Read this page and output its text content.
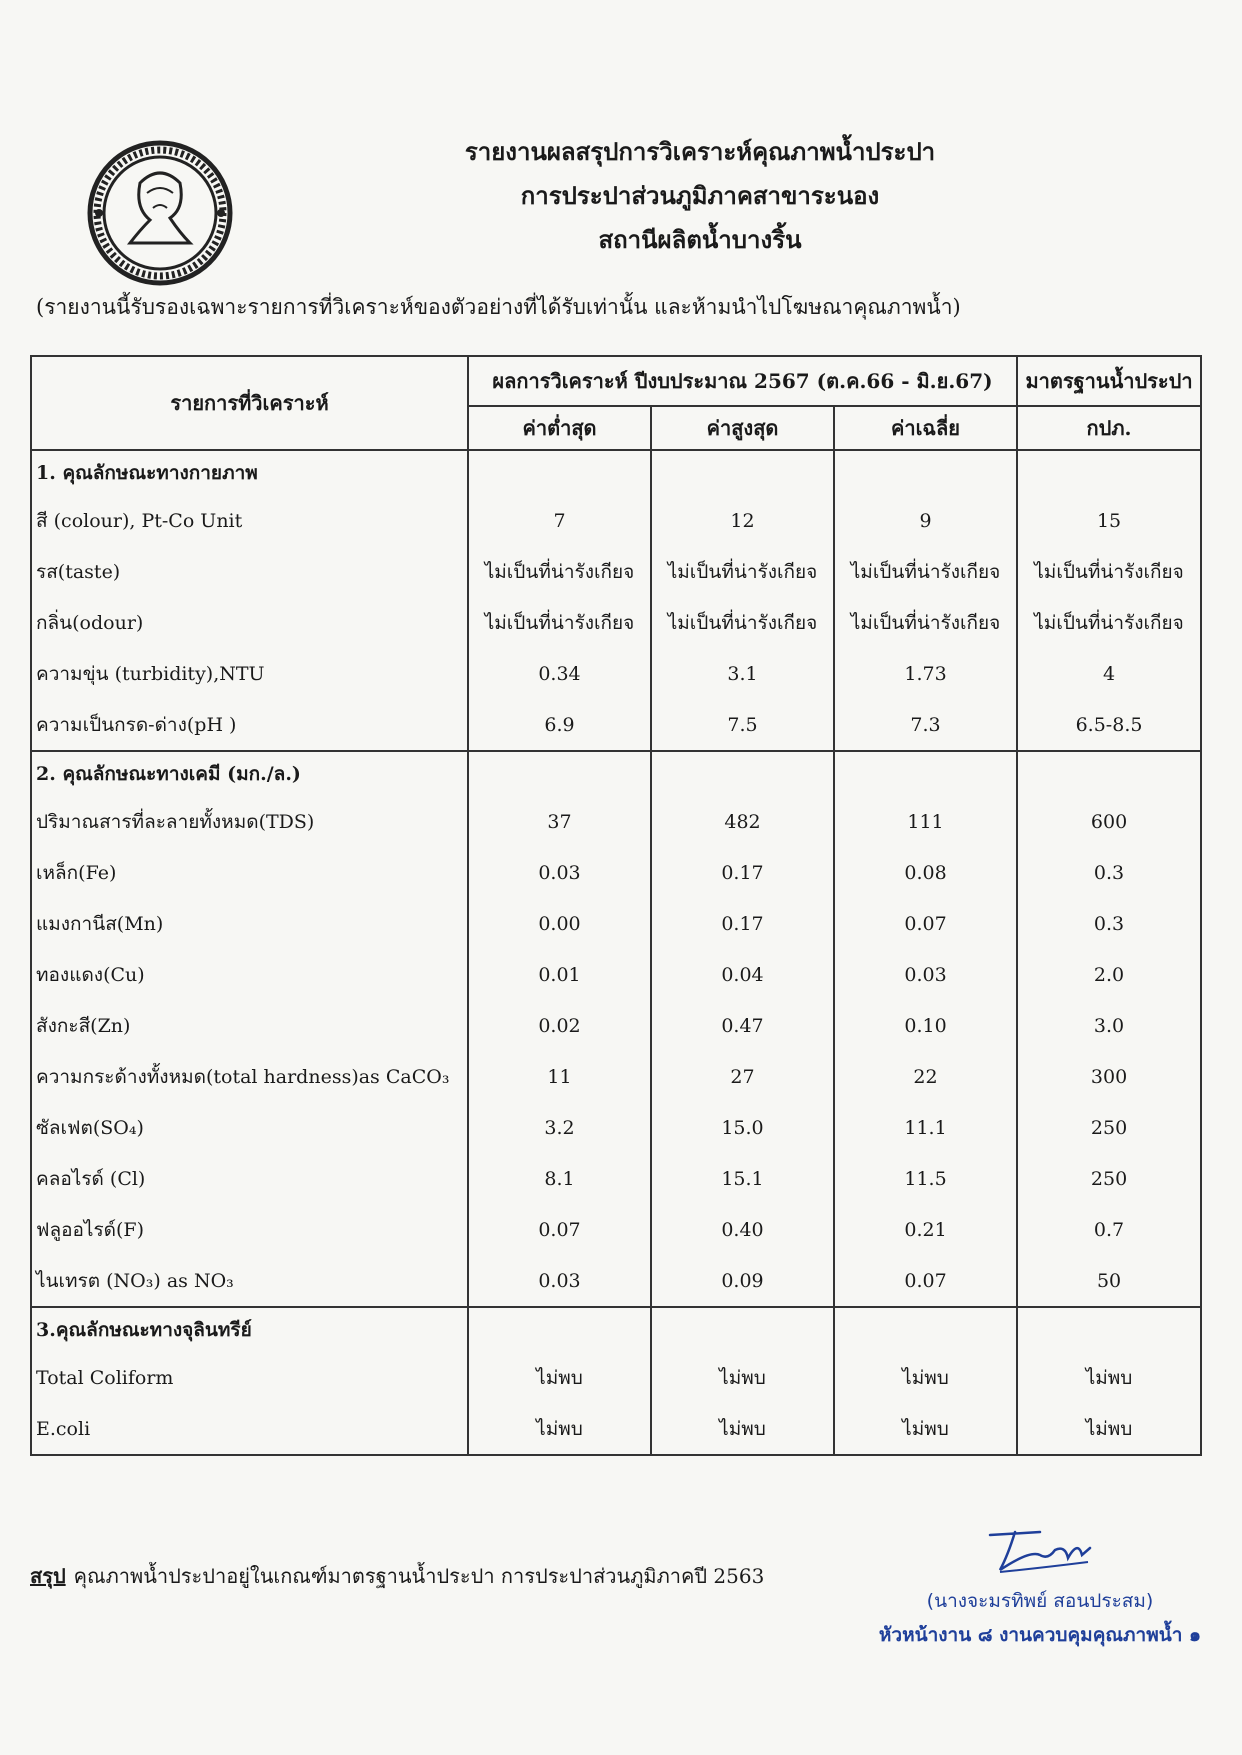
รายงานผลสรุปการวิเคราะห์คุณภาพน้ำประปา
การประปาส่วนภูมิภาคสาขาระนอง
สถานีผลิตน้ำบางริ้น
(รายงานนี้รับรองเฉพาะรายการที่วิเคราะห์ของตัวอย่างที่ได้รับเท่านั้น และห้ามนำไปโฆษณาคุณภาพน้ำ)
รายการที่วิเคราะห์	ผลการวิเคราะห์ ปีงบประมาณ 2567 (ต.ค.66 - มิ.ย.67)			มาตรฐานน้ำประปา
	ค่าต่ำสุด	ค่าสูงสุด	ค่าเฉลี่ย	กปภ.
1. คุณลักษณะทางกายภาพ				
สี (colour), Pt-Co Unit	7	12	9	15
รส(taste)	ไม่เป็นที่น่ารังเกียจ	ไม่เป็นที่น่ารังเกียจ	ไม่เป็นที่น่ารังเกียจ	ไม่เป็นที่น่ารังเกียจ
กลิ่น(odour)	ไม่เป็นที่น่ารังเกียจ	ไม่เป็นที่น่ารังเกียจ	ไม่เป็นที่น่ารังเกียจ	ไม่เป็นที่น่ารังเกียจ
ความขุ่น (turbidity),NTU	0.34	3.1	1.73	4
ความเป็นกรด-ด่าง(pH )	6.9	7.5	7.3	6.5-8.5
2. คุณลักษณะทางเคมี (มก./ล.)				
ปริมาณสารที่ละลายทั้งหมด(TDS)	37	482	111	600
เหล็ก(Fe)	0.03	0.17	0.08	0.3
แมงกานีส(Mn)	0.00	0.17	0.07	0.3
ทองแดง(Cu)	0.01	0.04	0.03	2.0
สังกะสี(Zn)	0.02	0.47	0.10	3.0
ความกระด้างทั้งหมด(total hardness)as CaCO₃	11	27	22	300
ซัลเฟต(SO₄)	3.2	15.0	11.1	250
คลอไรด์ (Cl)	8.1	15.1	11.5	250
ฟลูออไรด์(F)	0.07	0.40	0.21	0.7
ไนเทรต (NO₃) as NO₃	0.03	0.09	0.07	50
3.คุณลักษณะทางจุลินทรีย์				
Total Coliform	ไม่พบ	ไม่พบ	ไม่พบ	ไม่พบ
E.coli	ไม่พบ	ไม่พบ	ไม่พบ	ไม่พบ
สรุป คุณภาพน้ำประปาอยู่ในเกณฑ์มาตรฐานน้ำประปา การประปาส่วนภูมิภาคปี 2563
(นางจะมรทิพย์ สอนประสม)
หัวหน้างาน ๘ งานควบคุมคุณภาพน้ำ ๑
